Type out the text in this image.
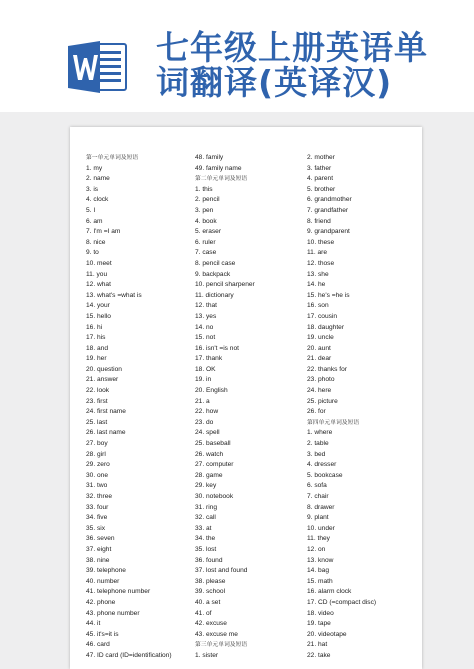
七年级上册英语单
词翻译(英译汉)
第一单元单词及短语
1. my
2. name
3. is
4. clock
5. I
6. am
7. I'm =I am
8. nice
9. to
10. meet
11. you
12. what
13. what's =what is
14. your
15. hello
16. hi
17. his
18. and
19. her
20. question
21. answer
22. look
23. first
24. first name
25. last
26. last name
27. boy
28. girl
29. zero
30. one
31. two
32. three
33. four
34. five
35. six
36. seven
37. eight
38. nine
39. telephone
40. number
41. telephone number
42. phone
43. phone number
44. it
45. it's=it is
46. card
47. ID card (ID=identification)
48. family
49. family name
第二单元单词及短语
1. this
2. pencil
3. pen
4. book
5. eraser
6. ruler
7. case
8. pencil case
9. backpack
10. pencil sharpener
11. dictionary
12. that
13. yes
14. no
15. not
16. isn't =is not
17. thank
18. OK
19. in
20. English
21. a
22. how
23. do
24. spell
25. baseball
26. watch
27. computer
28. game
29. key
30. notebook
31. ring
32. call
33. at
34. the
35. lost
36. found
37. lost and found
38. please
39. school
40. a set
41. of
42. excuse
43. excuse me
第三单元单词及短语
1. sister
2. mother
3. father
4. parent
5. brother
6. grandmother
7. grandfather
8. friend
9. grandparent
10. these
11. are
12. those
13. she
14. he
15. he's =he is
16. son
17. cousin
18. daughter
19. uncle
20. aunt
21. dear
22. thanks for
23. photo
24. here
25. picture
26. for
第四单元单词及短语
1. where
2. table
3. bed
4. dresser
5. bookcase
6. sofa
7. chair
8. drawer
9. plant
10. under
11. they
12. on
13. know
14. bag
15. math
16. alarm clock
17. CD (=compact disc)
18. video
19. tape
20. videotape
21. hat
22. take
